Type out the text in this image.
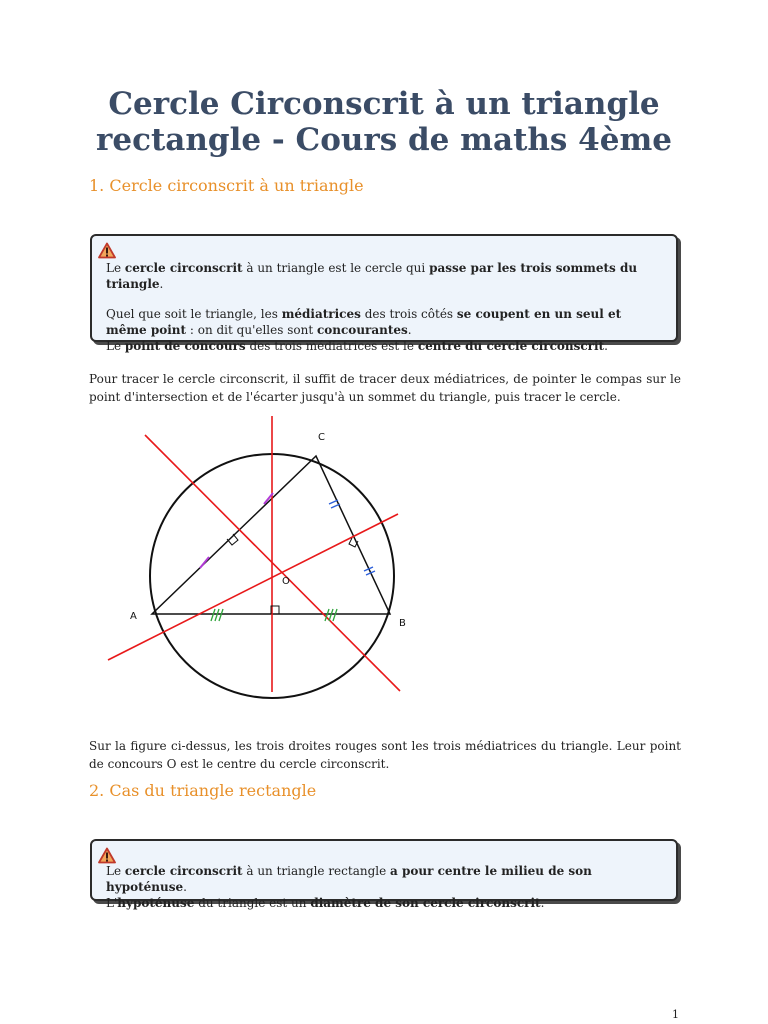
Cercle Circonscrit à un triangle
rectangle - Cours de maths 4ème
1. Cercle circonscrit à un triangle

Le cercle circonscrit à un triangle est le cercle qui passe par les trois sommets du triangle.

Quel que soit le triangle, les médiatrices des trois côtés se coupent en un seul et même point : on dit qu'elles sont concourantes.
Le point de concours des trois médiatrices est le centre du cercle circonscrit.

Pour tracer le cercle circonscrit, il suffit de tracer deux médiatrices, de pointer le compas sur le point d'intersection et de l'écarter jusqu'à un sommet du triangle, puis tracer le cercle.

A
B
C
O

Sur la figure ci-dessus, les trois droites rouges sont les trois médiatrices du triangle. Leur point de concours O est le centre du cercle circonscrit.

2. Cas du triangle rectangle

Le cercle circonscrit à un triangle rectangle a pour centre le milieu de son hypoténuse.
L'hypoténuse du triangle est un diamètre de son cercle circonscrit.

1
